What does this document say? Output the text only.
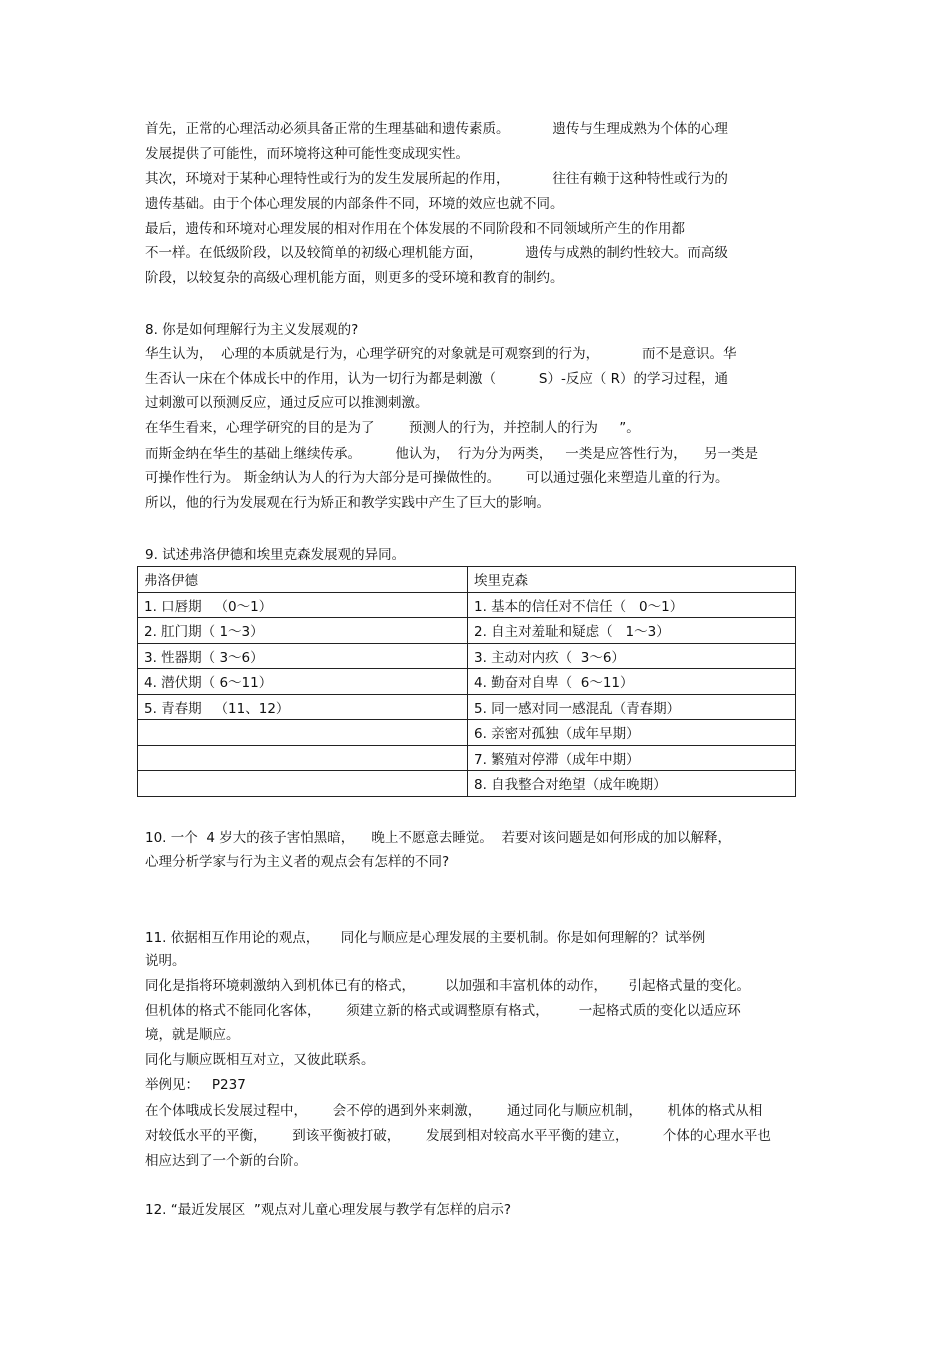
首先，正常的心理活动必须具备正常的生理基础和遗传素质。          遗传与生理成熟为个体的心理
发展提供了可能性，而环境将这种可能性变成现实性。
其次，环境对于某种心理特性或行为的发生发展所起的作用，          往往有赖于这种特性或行为的
遗传基础。由于个体心理发展的内部条件不同，环境的效应也就不同。
最后，遗传和环境对心理发展的相对作用在个体发展的不同阶段和不同领域所产生的作用都
不一样。在低级阶段，以及较简单的初级心理机能方面，          遗传与成熟的制约性较大。而高级
阶段，以较复杂的高级心理机能方面，则更多的受环境和教育的制约。
8. 你是如何理解行为主义发展观的?
华生认为，  心理的本质就是行为，心理学研究的对象就是可观察到的行为，          而不是意识。华
生否认一床在个体成长中的作用，认为一切行为都是刺激（          S）-反应（ R）的学习过程，通
过刺激可以预测反应，通过反应可以推测刺激。
在华生看来，心理学研究的目的是为了        预测人的行为，并控制人的行为     ”。
而斯金纳在华生的基础上继续传承。        他认为，  行为分为两类，   一类是应答性行为，    另一类是
可操作性行为。 斯金纳认为人的行为大部分是可操做性的。      可以通过强化来塑造儿童的行为。
所以，他的行为发展观在行为矫正和教学实践中产生了巨大的影响。
9. 试述弗洛伊德和埃里克森发展观的异同。
弗洛伊德	埃里克森
1. 口唇期   （0～1）	1. 基本的信任对不信任（   0～1）
2. 肛门期（ 1～3）	2. 自主对羞耻和疑虑（   1～3）
3. 性器期（ 3～6）	3. 主动对内疚（  3～6）
4. 潜伏期（ 6～11）	4. 勤奋对自卑（  6～11）
5. 青春期   （11、12）	5. 同一感对同一感混乱（青春期）
	6. 亲密对孤独（成年早期）
	7. 繁殖对停滞（成年中期）
	8. 自我整合对绝望（成年晚期）
10. 一个  4 岁大的孩子害怕黑暗，    晚上不愿意去睡觉。  若要对该问题是如何形成的加以解释，
心理分析学家与行为主义者的观点会有怎样的不同?
11. 依据相互作用论的观点，     同化与顺应是心理发展的主要机制。你是如何理解的？试举例
说明。
同化是指将环境刺激纳入到机体已有的格式，       以加强和丰富机体的动作，     引起格式量的变化。
但机体的格式不能同化客体，      须建立新的格式或调整原有格式，       一起格式质的变化以适应环
境，就是顺应。
同化与顺应既相互对立，又彼此联系。
举例见：   P237
在个体哦成长发展过程中，      会不停的遇到外来刺激，      通过同化与顺应机制，      机体的格式从相
对较低水平的平衡，      到该平衡被打破，      发展到相对较高水平平衡的建立，        个体的心理水平也
相应达到了一个新的台阶。
12. “最近发展区  ”观点对儿童心理发展与教学有怎样的启示?
